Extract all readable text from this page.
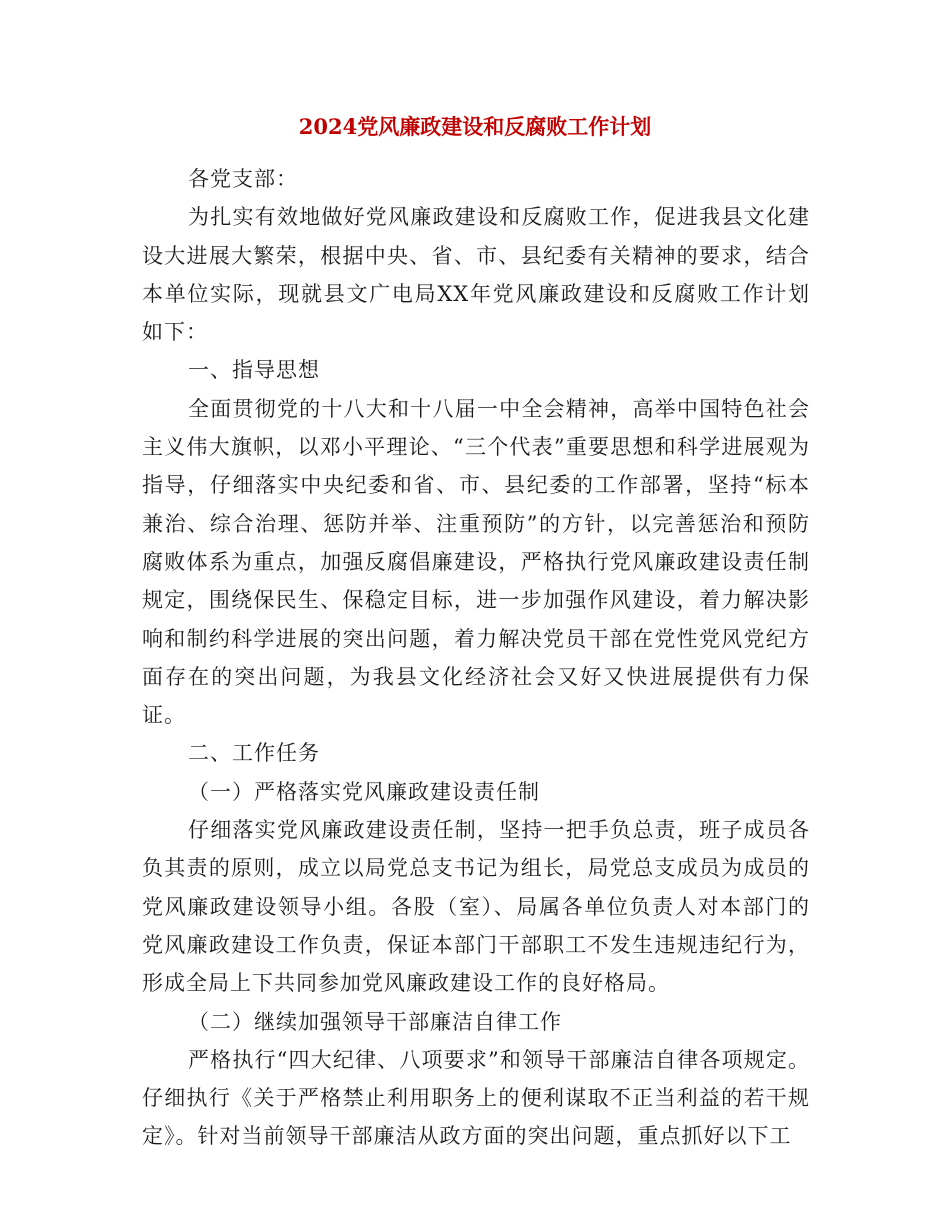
2024党风廉政建设和反腐败工作计划

各党支部：

为扎实有效地做好党风廉政建设和反腐败工作，促进我县文化建设大进展大繁荣，根据中央、省、市、县纪委有关精神的要求，结合本单位实际，现就县文广电局XX年党风廉政建设和反腐败工作计划如下：

一、指导思想

全面贯彻党的十八大和十八届一中全会精神，高举中国特色社会主义伟大旗帜，以邓小平理论、“三个代表”重要思想和科学进展观为指导，仔细落实中央纪委和省、市、县纪委的工作部署，坚持“标本兼治、综合治理、惩防并举、注重预防”的方针，以完善惩治和预防腐败体系为重点，加强反腐倡廉建设，严格执行党风廉政建设责任制规定，围绕保民生、保稳定目标，进一步加强作风建设，着力解决影响和制约科学进展的突出问题，着力解决党员干部在党性党风党纪方面存在的突出问题，为我县文化经济社会又好又快进展提供有力保证。

二、工作任务

（一）严格落实党风廉政建设责任制

仔细落实党风廉政建设责任制，坚持一把手负总责，班子成员各负其责的原则，成立以局党总支书记为组长，局党总支成员为成员的党风廉政建设领导小组。各股（室）、局属各单位负责人对本部门的党风廉政建设工作负责，保证本部门干部职工不发生违规违纪行为，形成全局上下共同参加党风廉政建设工作的良好格局。

（二）继续加强领导干部廉洁自律工作

严格执行“四大纪律、八项要求”和领导干部廉洁自律各项规定。仔细执行《关于严格禁止利用职务上的便利谋取不正当利益的若干规定》。针对当前领导干部廉洁从政方面的突出问题，重点抓好以下工
